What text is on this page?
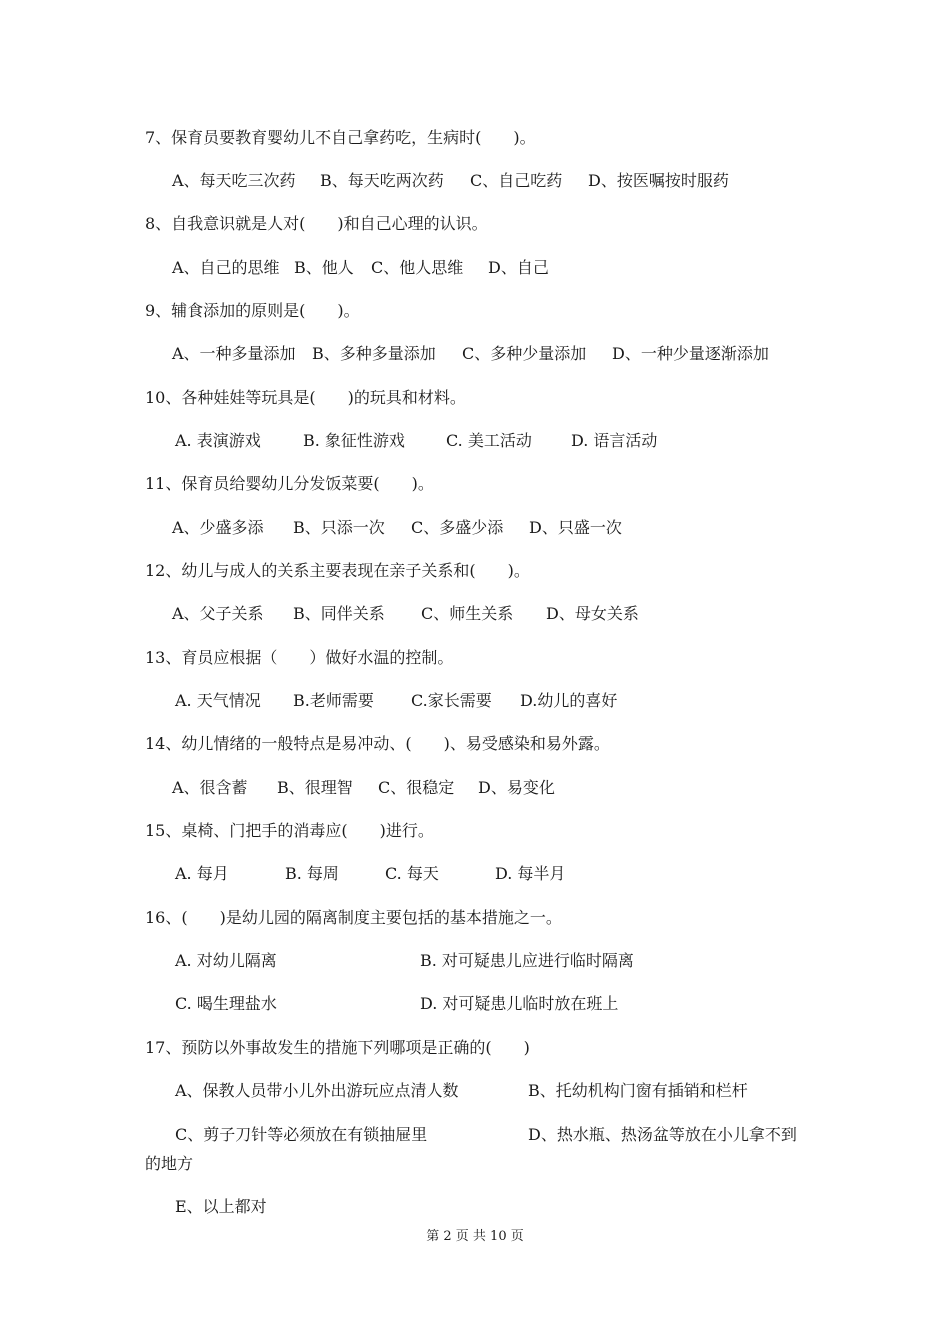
7、保育员要教育婴幼儿不自己拿药吃，生病时(　　)。
A、每天吃三次药 B、每天吃两次药 C、自己吃药 D、按医嘱按时服药
8、自我意识就是人对(　　)和自己心理的认识。
A、自己的思维 B、他人 C、他人思维 D、自己
9、辅食添加的原则是(　　)。
A、一种多量添加 B、多种多量添加 C、多种少量添加 D、一种少量逐渐添加
10、各种娃娃等玩具是(　　)的玩具和材料。
A. 表演游戏	B. 象征性游戏	C. 美工活动 D. 语言活动
11、保育员给婴幼儿分发饭菜要(　　)。
A、少盛多添 B、只添一次 C、多盛少添 D、只盛一次
12、幼儿与成人的关系主要表现在亲子关系和(　　)。
A、父子关系 B、同伴关系 C、师生关系 D、母女关系
13、育员应根据（　　）做好水温的控制。
A. 天气情况 B.老师需要 C.家长需要 D.幼儿的喜好
14、幼儿情绪的一般特点是易冲动、(　　)、易受感染和易外露。
A、很含蓄 B、很理智 C、很稳定 D、易变化
15、桌椅、门把手的消毒应(　　)进行。
A. 每月	B. 每周	C. 每天	D. 每半月
16、(　　)是幼儿园的隔离制度主要包括的基本措施之一。
A. 对幼儿隔离	B. 对可疑患儿应进行临时隔离
C. 喝生理盐水	D. 对可疑患儿临时放在班上
17、预防以外事故发生的措施下列哪项是正确的(　　)
A、保教人员带小儿外出游玩应点清人数	B、托幼机构门窗有插销和栏杆
C、剪子刀针等必须放在有锁抽屉里	D、热水瓶、热汤盆等放在小儿拿不到
的地方
E、以上都对
第 2 页 共 10 页
